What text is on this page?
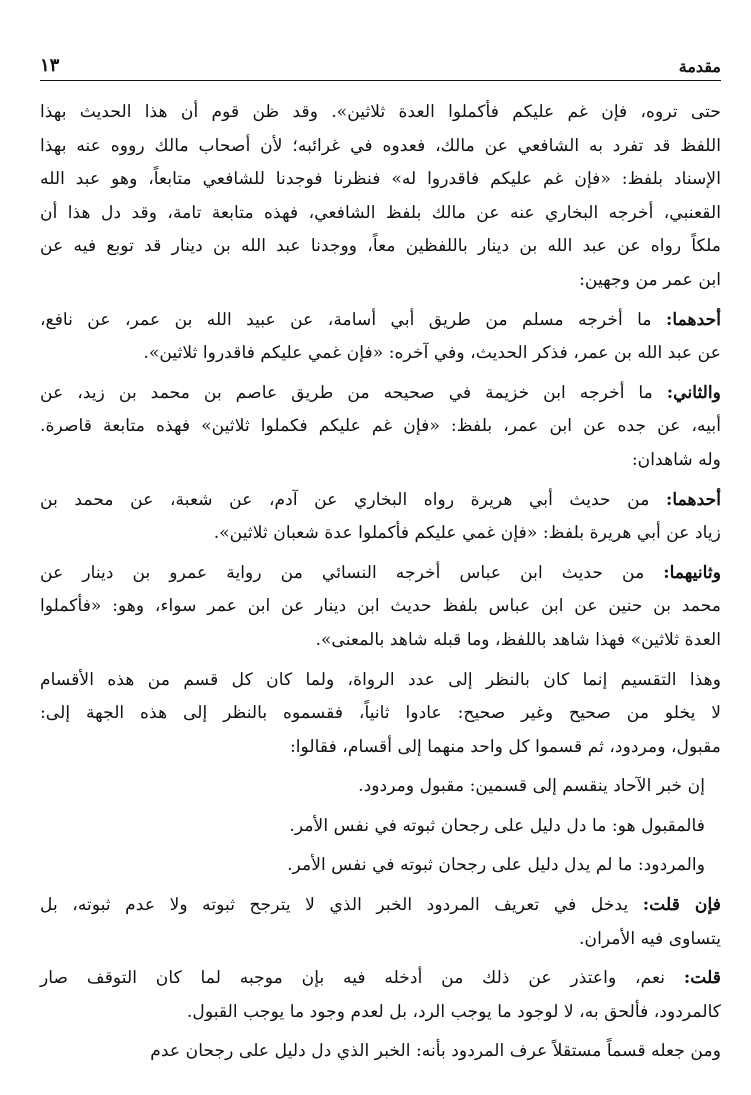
مقدمة
١٣
حتى تروه، فإن غم عليكم فأكملوا العدة ثلاثين». وقد ظن قوم أن هذا الحديث بهذا
اللفظ قد تفرد به الشافعي عن مالك، فعدوه في غرائبه؛ لأن أصحاب مالك رووه عنه بهذا
الإسناد بلفظ: «فإن غم عليكم فاقدروا له» فنظرنا فوجدنا للشافعي متابعاً، وهو عبد الله
القعنبي، أخرجه البخاري عنه عن مالك بلفظ الشافعي، فهذه متابعة تامة، وقد دل هذا أن
ملكاً رواه عن عبد الله بن دينار باللفظين معاً، ووجدنا عبد الله بن دينار قد توبع فيه عن
ابن عمر من وجهين:
أحدهما: ما أخرجه مسلم من طريق أبي أسامة، عن عبيد الله بن عمر، عن نافع،
عن عبد الله بن عمر، فذكر الحديث، وفي آخره: «فإن غمي عليكم فاقدروا ثلاثين».
والثاني: ما أخرجه ابن خزيمة في صحيحه من طريق عاصم بن محمد بن زيد، عن
أبيه، عن جده عن ابن عمر، بلفظ: «فإن غم عليكم فكملوا ثلاثين» فهذه متابعة قاصرة.
وله شاهدان:
أحدهما: من حديث أبي هريرة رواه البخاري عن آدم، عن شعبة، عن محمد بن
زياد عن أبي هريرة بلفظ: «فإن غمي عليكم فأكملوا عدة شعبان ثلاثين».
وثانيهما: من حديث ابن عباس أخرجه النسائي من رواية عمرو بن دينار عن
محمد بن حنين عن ابن عباس بلفظ حديث ابن دينار عن ابن عمر سواء، وهو: «فأكملوا
العدة ثلاثين» فهذا شاهد باللفظ، وما قبله شاهد بالمعنى».
وهذا التقسيم إنما كان بالنظر إلى عدد الرواة، ولما كان كل قسم من هذه الأقسام
لا يخلو من صحيح وغير صحيح: عادوا ثانياً، فقسموه بالنظر إلى هذه الجهة إلى:
مقبول، ومردود، ثم قسموا كل واحد منهما إلى أقسام، فقالوا:
إن خبر الآحاد ينقسم إلى قسمين: مقبول ومردود.
فالمقبول هو: ما دل دليل على رجحان ثبوته في نفس الأمر.
والمردود: ما لم يدل دليل على رجحان ثبوته في نفس الأمر.
فإن قلت: يدخل في تعريف المردود الخبر الذي لا يترجح ثبوته ولا عدم ثبوته، بل
يتساوى فيه الأمران.
قلت: نعم، واعتذر عن ذلك من أدخله فيه بإن موجبه لما كان التوقف صار
كالمردود، فألحق به، لا لوجود ما يوجب الرد، بل لعدم وجود ما يوجب القبول.
ومن جعله قسماً مستقلاً عرف المردود بأنه: الخبر الذي دل دليل على رجحان عدم
